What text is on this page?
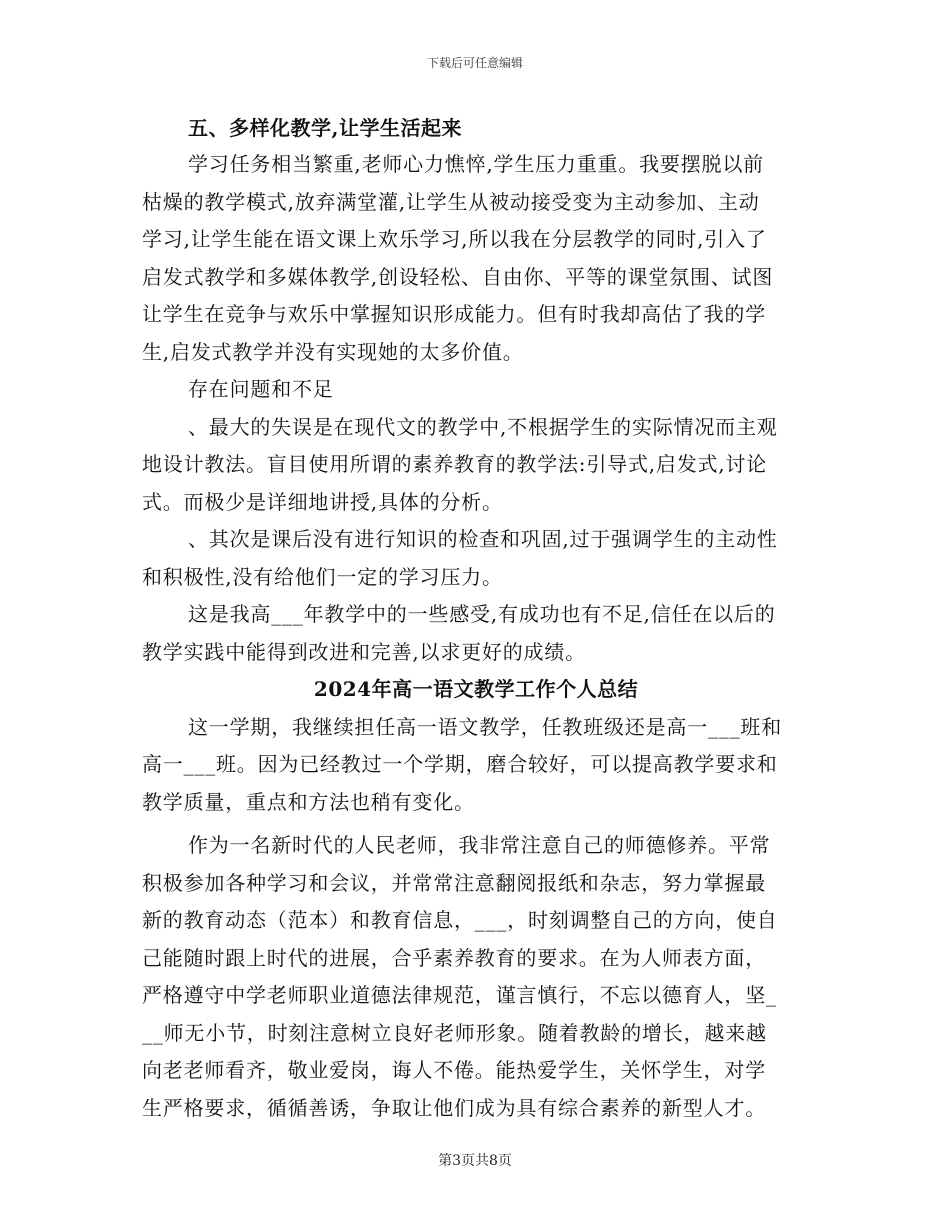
下载后可任意编辑
五、多样化教学,让学生活起来
学习任务相当繁重,老师心力憔悴,学生压力重重。我要摆脱以前
枯燥的教学模式,放弃满堂灌,让学生从被动接受变为主动参加、主动
学习,让学生能在语文课上欢乐学习,所以我在分层教学的同时,引入了
启发式教学和多媒体教学,创设轻松、自由你、平等的课堂氛围、试图
让学生在竞争与欢乐中掌握知识形成能力。但有时我却高估了我的学
生,启发式教学并没有实现她的太多价值。
存在问题和不足
、最大的失误是在现代文的教学中,不根据学生的实际情况而主观
地设计教法。盲目使用所谓的素养教育的教学法:引导式,启发式,讨论
式。而极少是详细地讲授,具体的分析。
、其次是课后没有进行知识的检查和巩固,过于强调学生的主动性
和积极性,没有给他们一定的学习压力。
这是我高___年教学中的一些感受,有成功也有不足,信任在以后的
教学实践中能得到改进和完善,以求更好的成绩。
2024年高一语文教学工作个人总结
这一学期，我继续担任高一语文教学，任教班级还是高一___班和
高一___班。因为已经教过一个学期，磨合较好，可以提高教学要求和
教学质量，重点和方法也稍有变化。
作为一名新时代的人民老师，我非常注意自己的师德修养。平常
积极参加各种学习和会议，并常常注意翻阅报纸和杂志，努力掌握最
新的教育动态（范本）和教育信息，___，时刻调整自己的方向，使自
己能随时跟上时代的进展，合乎素养教育的要求。在为人师表方面，
严格遵守中学老师职业道德法律规范，谨言慎行，不忘以德育人，坚_
__师无小节，时刻注意树立良好老师形象。随着教龄的增长，越来越
向老老师看齐，敬业爱岗，诲人不倦。能热爱学生，关怀学生，对学
生严格要求，循循善诱，争取让他们成为具有综合素养的新型人才。
第3页共8页
